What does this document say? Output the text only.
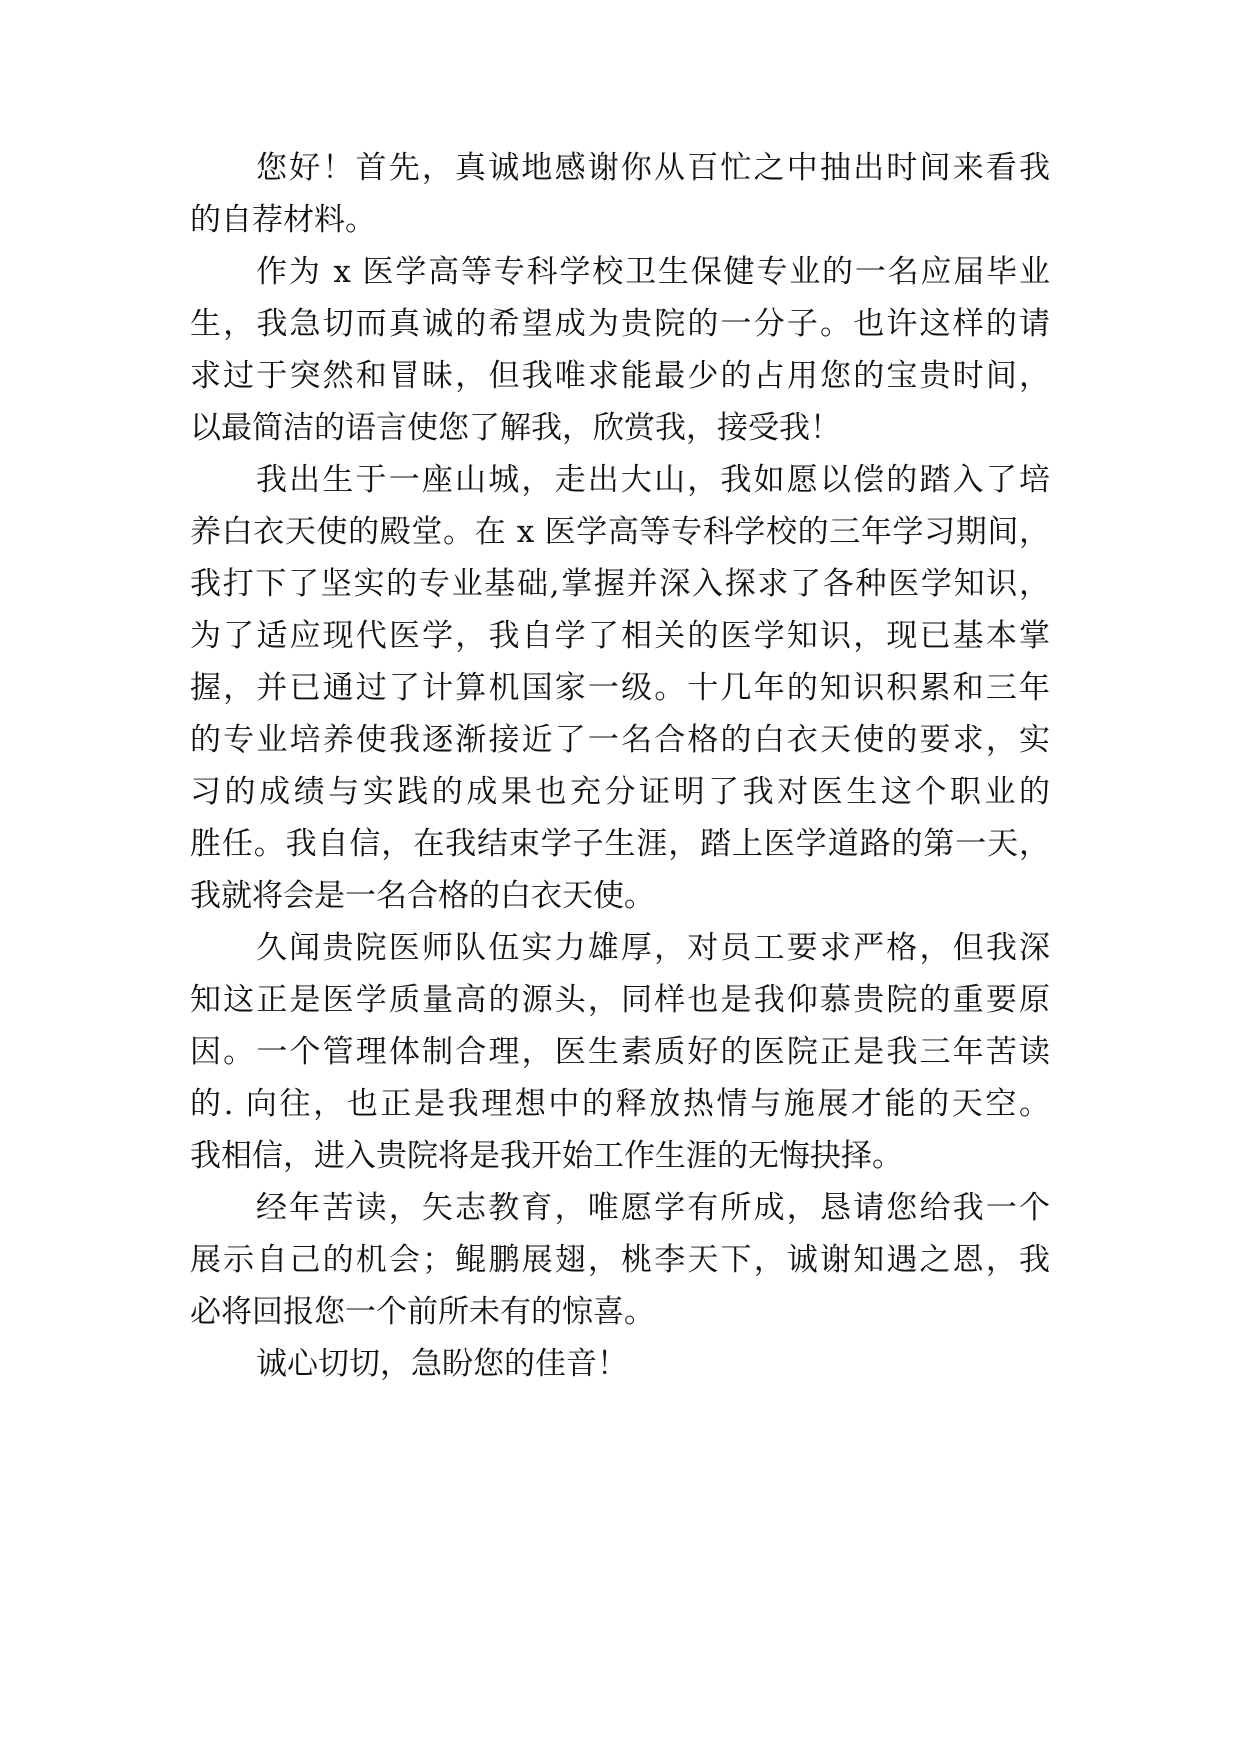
您好！首先，真诚地感谢你从百忙之中抽出时间来看我
的自荐材料。
作为 x 医学高等专科学校卫生保健专业的一名应届毕业
生，我急切而真诚的希望成为贵院的一分子。也许这样的请
求过于突然和冒昧，但我唯求能最少的占用您的宝贵时间，
以最简洁的语言使您了解我，欣赏我，接受我！
我出生于一座山城，走出大山，我如愿以偿的踏入了培
养白衣天使的殿堂。在 x 医学高等专科学校的三年学习期间，
我打下了坚实的专业基础,掌握并深入探求了各种医学知识，
为了适应现代医学，我自学了相关的医学知识，现已基本掌
握，并已通过了计算机国家一级。十几年的知识积累和三年
的专业培养使我逐渐接近了一名合格的白衣天使的要求，实
习的成绩与实践的成果也充分证明了我对医生这个职业的
胜任。我自信，在我结束学子生涯，踏上医学道路的第一天，
我就将会是一名合格的白衣天使。
久闻贵院医师队伍实力雄厚，对员工要求严格，但我深
知这正是医学质量高的源头，同样也是我仰慕贵院的重要原
因。一个管理体制合理，医生素质好的医院正是我三年苦读
的. 向往，也正是我理想中的释放热情与施展才能的天空。
我相信，进入贵院将是我开始工作生涯的无悔抉择。
经年苦读，矢志教育，唯愿学有所成，恳请您给我一个
展示自己的机会；鲲鹏展翅，桃李天下，诚谢知遇之恩，我
必将回报您一个前所未有的惊喜。
诚心切切，急盼您的佳音！
